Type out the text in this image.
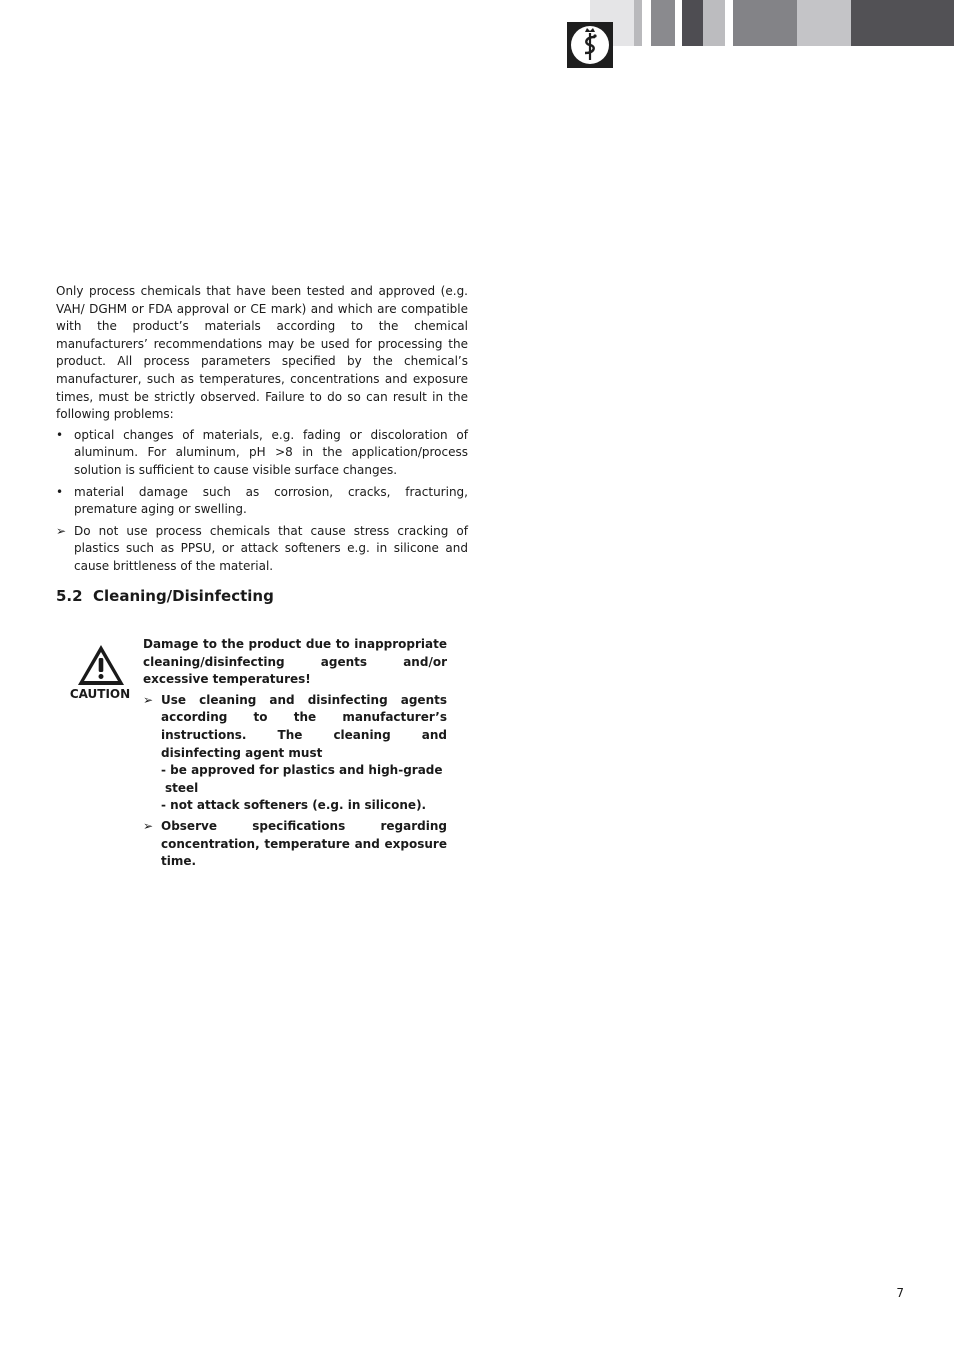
Only process chemicals that have been tested and approved (e.g. VAH/ DGHM or FDA approval or CE mark) and which are compatible with the product’s materials according to the chemical manufacturers’ recommendations may be used for processing the product. All process parameters specified by the chemical’s manufacturer, such as temperatures, concentrations and exposure times, must be strictly observed. Failure to do so can result in the following problems:

• optical changes of materials, e.g. fading or discoloration of aluminum. For aluminum, pH >8 in the application/process solution is sufficient to cause visible surface changes.
• material damage such as corrosion, cracks, fracturing, premature aging or swelling.
➢ Do not use process chemicals that cause stress cracking of plastics such as PPSU, or attack softeners e.g. in silicone and cause brittleness of the material.
5.2 Cleaning/Disinfecting
CAUTION

Damage to the product due to inappropriate cleaning/disinfecting agents and/or excessive temperatures!

➢ Use cleaning and disinfecting agents according to the manufacturer’s instructions. The cleaning and disinfecting agent must
- be approved for plastics and high-grade
steel
- not attack softeners (e.g. in silicone).
➢ Observe specifications regarding concentration, temperature and exposure time.
7
